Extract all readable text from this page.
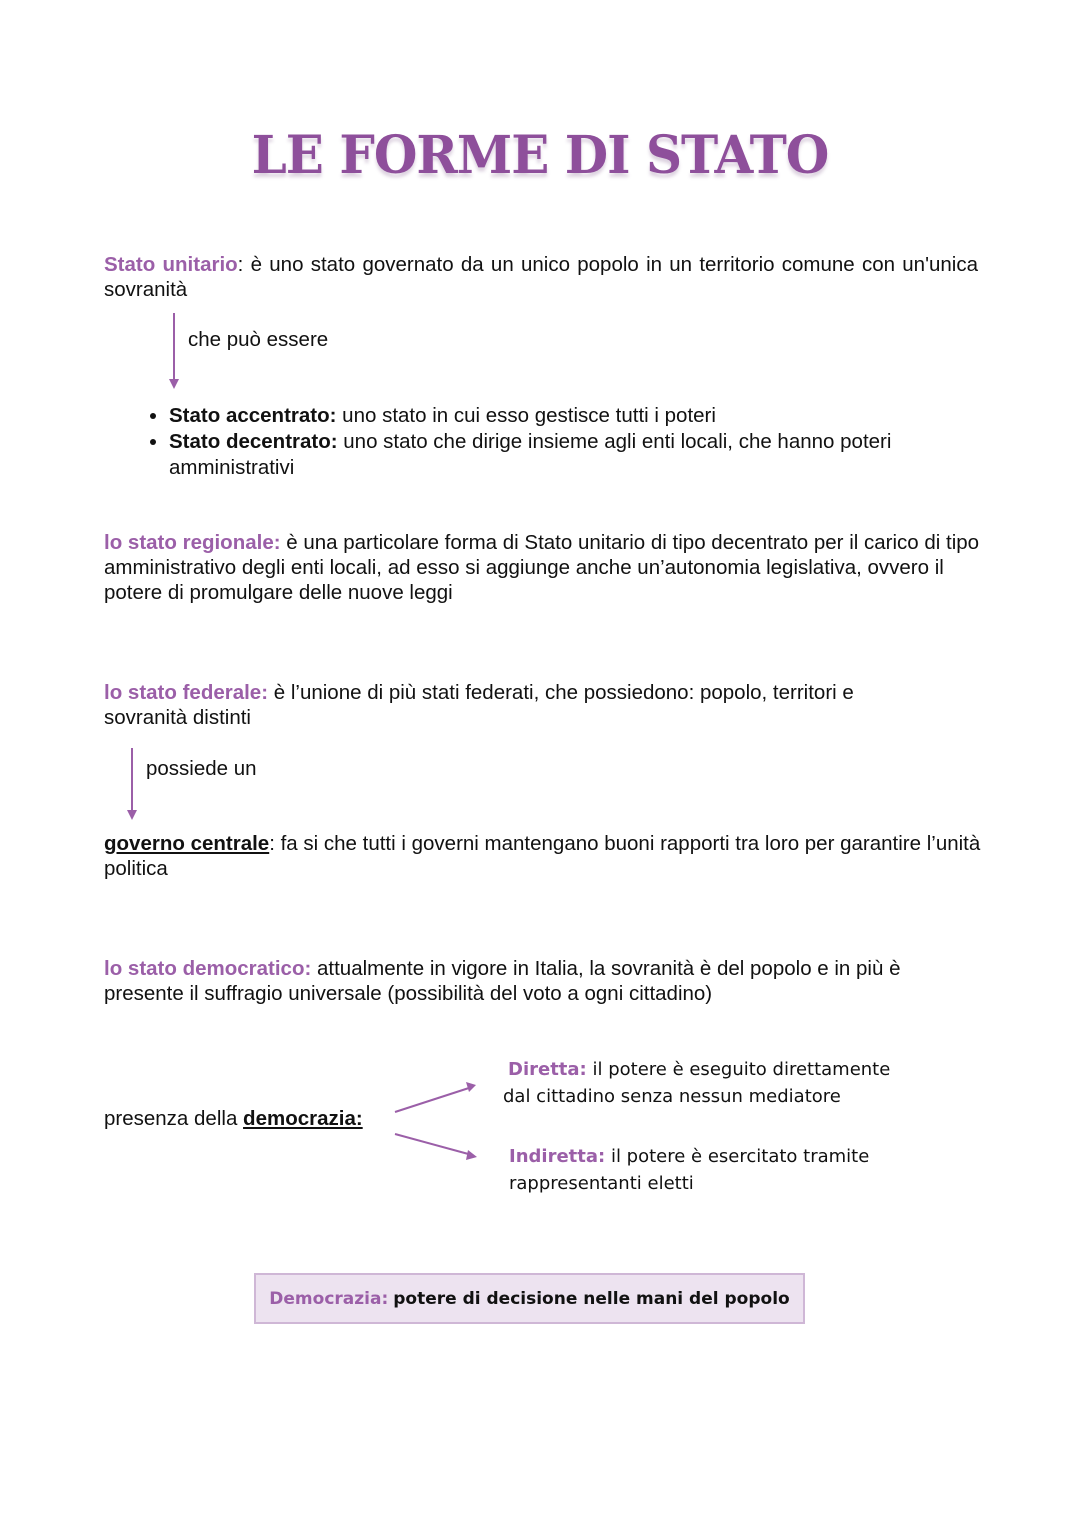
LE FORME DI STATO
Stato unitario: è uno stato governato da un unico popolo in un territorio comune con un'unica sovranità
che può essere
• Stato accentrato: uno stato in cui esso gestisce tutti i poteri
• Stato decentrato: uno stato che dirige insieme agli enti locali, che hanno poteri amministrativi
lo stato regionale: è una particolare forma di Stato unitario di tipo decentrato per il carico di tipo amministrativo degli enti locali, ad esso si aggiunge anche un’autonomia legislativa, ovvero il potere di promulgare delle nuove leggi
lo stato federale: è l’unione di più stati federati, che possiedono: popolo, territori e sovranità distinti
possiede un
governo centrale: fa si che tutti i governi mantengano buoni rapporti tra loro per garantire l’unità politica
lo stato democratico: attualmente in vigore in Italia, la sovranità è del popolo e in più è presente il suffragio universale (possibilità del voto a ogni cittadino)
presenza della democrazia:
Diretta: il potere è eseguito direttamente dal cittadino senza nessun mediatore
Indiretta: il potere è esercitato tramite rappresentanti eletti
Democrazia: potere di decisione nelle mani del popolo
